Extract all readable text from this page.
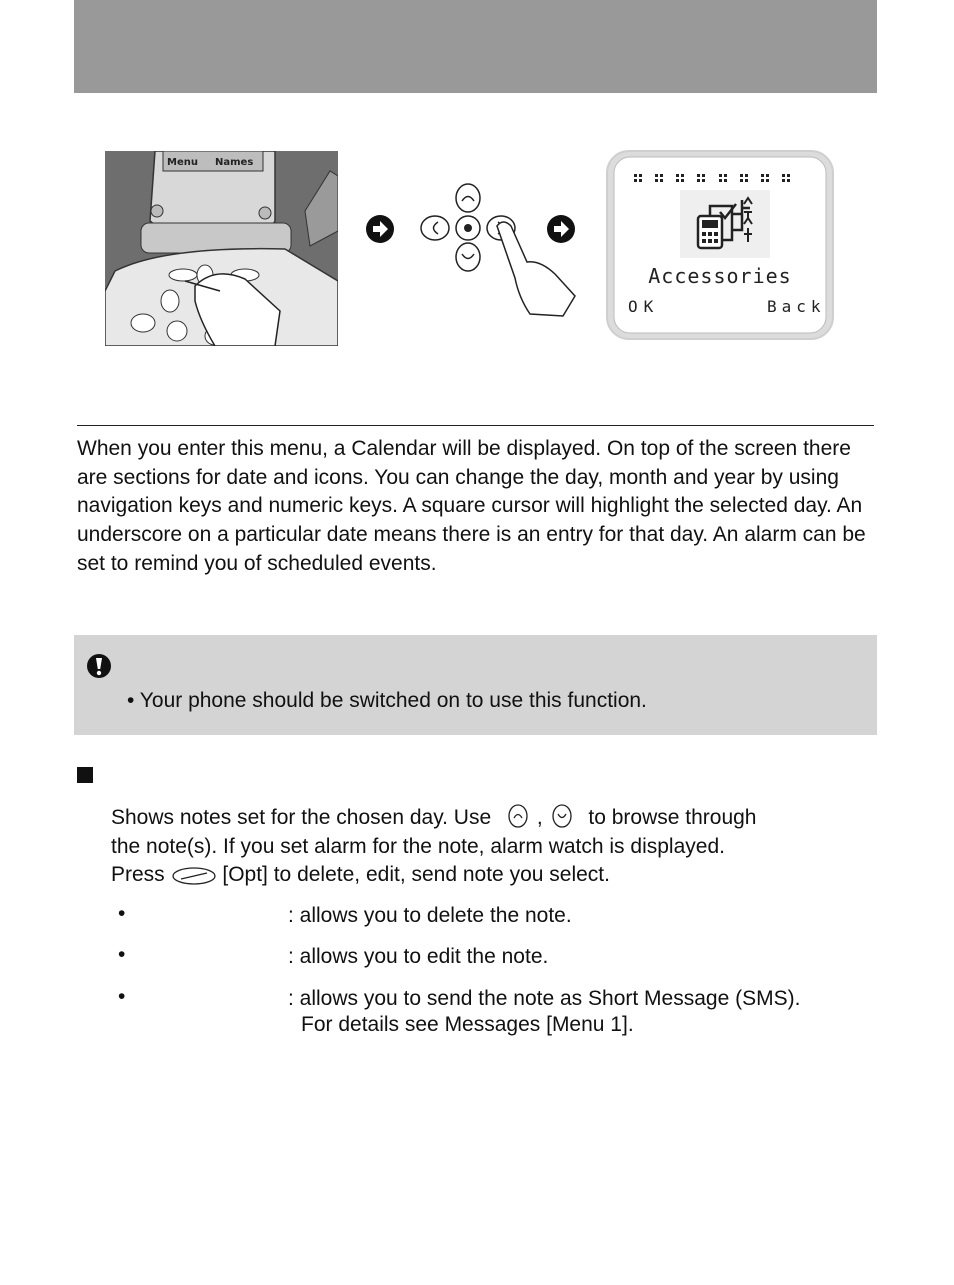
Menu Names
Accessories
OK	Back

When you enter this menu, a Calendar will be displayed. On top of the screen there are sections for date and icons. You can change the day, month and year by using navigation keys and numeric keys. A square cursor will highlight the selected day. An underscore on a particular date means there is an entry for that day. An alarm can be set to remind you of scheduled events.

• Your phone should be switched on to use this function.
Shows notes set for the chosen day. Use , to browse through
the note(s). If you set alarm for the note, alarm watch is displayed.
Press	[Opt] to delete, edit, send note you select.
•	: allows you to delete the note.
•	: allows you to edit the note.
•	: allows you to send the note as Short Message (SMS).
For details see Messages [Menu 1].
